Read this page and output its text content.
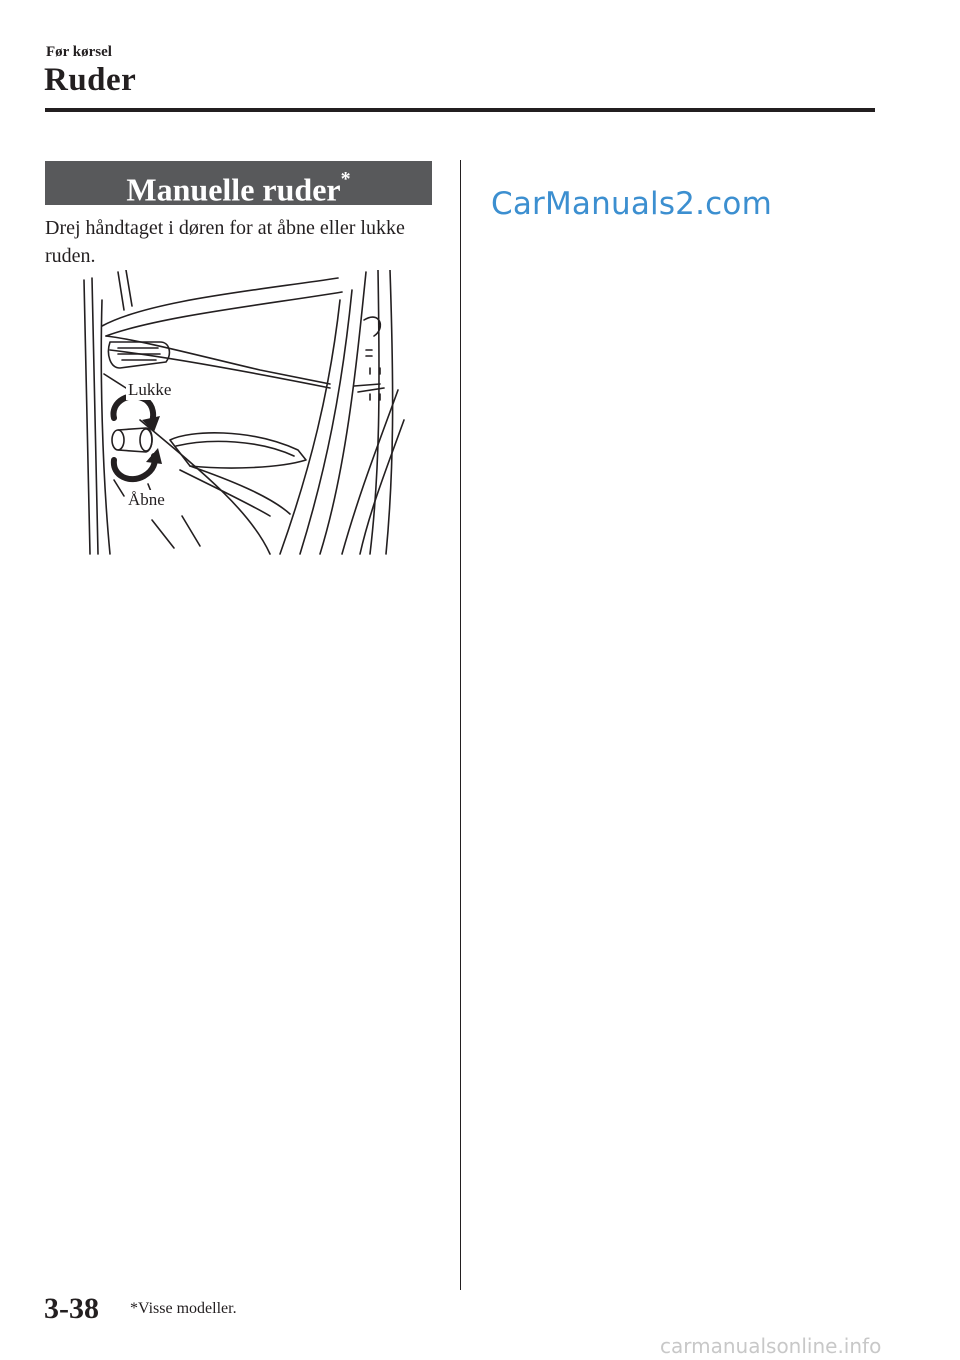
Før kørsel
Ruder
Manuelle ruder*
Drej håndtaget i døren for at åbne eller lukke ruden.
Lukke
Åbne
CarManuals2.com
3-38 *Visse modeller.
carmanualsonline.info
